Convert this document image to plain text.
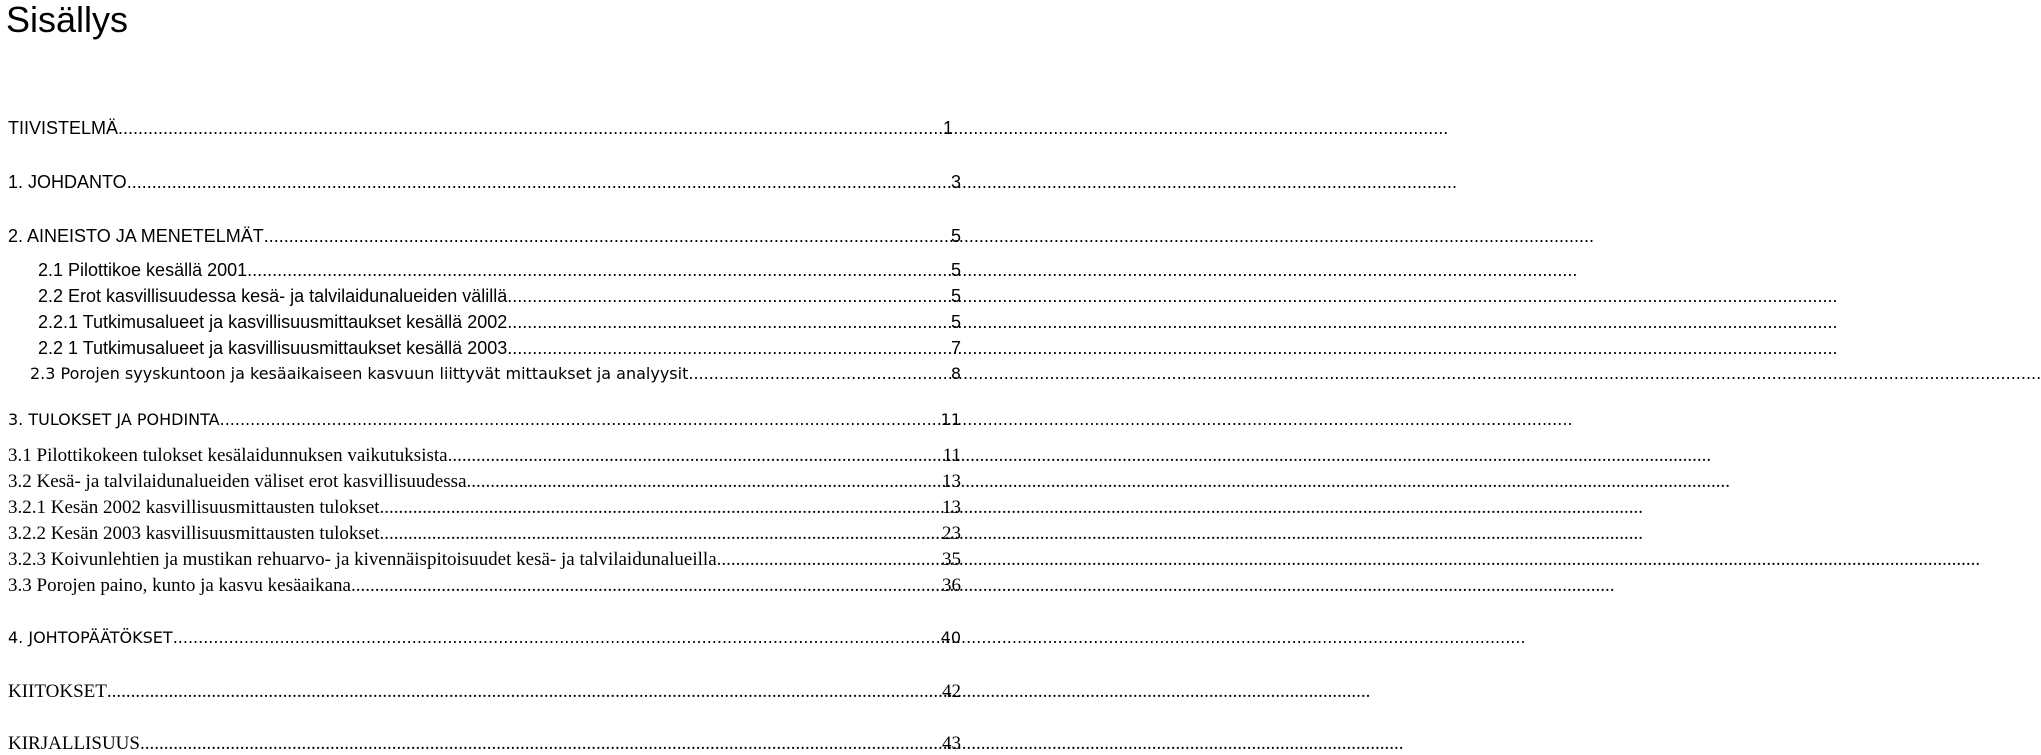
Sisällys
TIIVISTELMÄ .....	1
1. JOHDANTO .....	3
2. AINEISTO JA MENETELMÄT .....	5
2.1 Pilottikoe kesällä 2001 .....	5
2.2 Erot kasvillisuudessa kesä- ja talvilaidunalueiden välillä .....	5
2.2.1 Tutkimusalueet ja kasvillisuusmittaukset kesällä 2002 .....	5
2.2 1 Tutkimusalueet ja kasvillisuusmittaukset kesällä 2003 .....	7
2.3 Porojen syyskuntoon ja kesäaikaiseen kasvuun liittyvät mittaukset ja analyysit .....	8
3. TULOKSET JA POHDINTA .....	11
3.1 Pilottikokeen tulokset kesälaidunnuksen vaikutuksista .....	11
3.2 Kesä- ja talvilaidunalueiden väliset erot kasvillisuudessa .....	13
3.2.1 Kesän 2002 kasvillisuusmittausten tulokset .....	13
3.2.2 Kesän 2003 kasvillisuusmittausten tulokset .....	23
3.2.3 Koivunlehtien ja mustikan rehuarvo- ja kivennäispitoisuudet kesä- ja talvilaidunalueilla .....	35
3.3 Porojen paino, kunto ja kasvu kesäaikana .....	36
4. JOHTOPÄÄTÖKSET .....	40
KIITOKSET .....	42
KIRJALLISUUS .....	43
